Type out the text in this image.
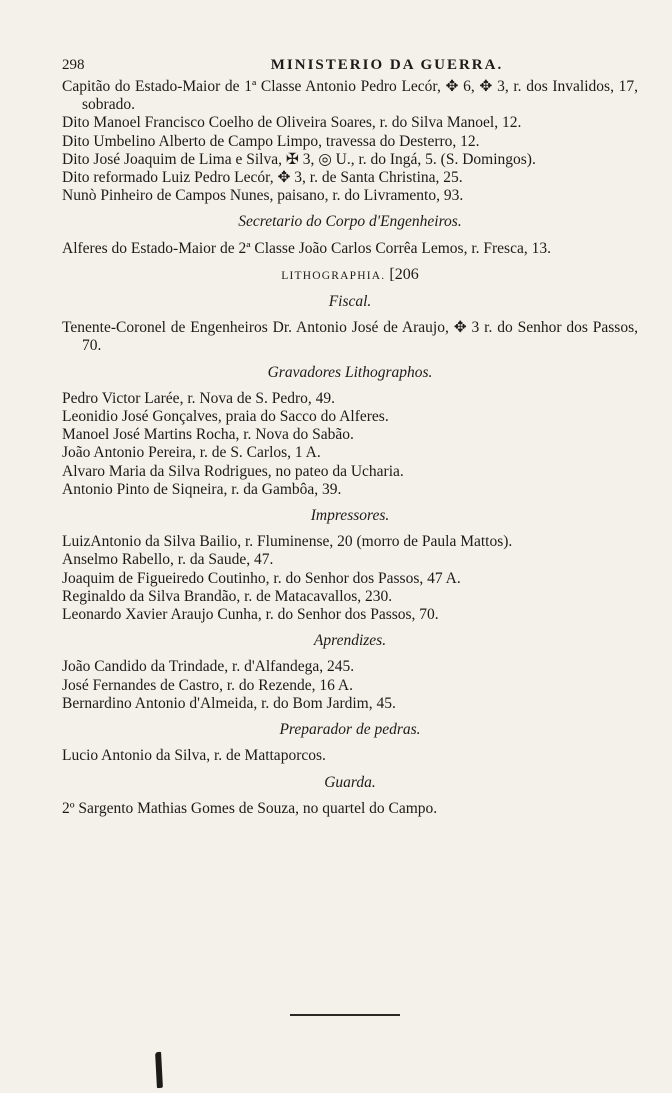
298	MINISTERIO DA GUERRA.

Capitão do Estado-Maior de 1ª Classe Antonio Pedro Lecór, ✥ 6, ✥ 3, r. dos Invalidos, 17, sobrado.

Dito Manoel Francisco Coelho de Oliveira Soares, r. do Silva Manoel, 12.

Dito Umbelino Alberto de Campo Limpo, travessa do Desterro, 12.

Dito José Joaquim de Lima e Silva, ✠ 3, ◎ U., r. do Ingá, 5. (S. Domingos).

Dito reformado Luiz Pedro Lecór, ✥ 3, r. de Santa Christina, 25.

Nunò Pinheiro de Campos Nunes, paisano, r. do Livramento, 93.

Secretario do Corpo d'Engenheiros.

Alferes do Estado-Maior de 2ª Classe João Carlos Corrêa Lemos, r. Fresca, 13.

LITHOGRAPHIA. [206

Fiscal.

Tenente-Coronel de Engenheiros Dr. Antonio José de Araujo, ✥ 3 r. do Senhor dos Passos, 70.

Gravadores Lithographos.

Pedro Victor Larée, r. Nova de S. Pedro, 49.

Leonidio José Gonçalves, praia do Sacco do Alferes.

Manoel José Martins Rocha, r. Nova do Sabão.

João Antonio Pereira, r. de S. Carlos, 1 A.

Alvaro Maria da Silva Rodrigues, no pateo da Ucharia.

Antonio Pinto de Siqneira, r. da Gambôa, 39.

Impressores.

LuizAntonio da Silva Bailio, r. Fluminense, 20 (morro de Paula Mattos).

Anselmo Rabello, r. da Saude, 47.

Joaquim de Figueiredo Coutinho, r. do Senhor dos Passos, 47 A.

Reginaldo da Silva Brandão, r. de Matacavallos, 230.

Leonardo Xavier Araujo Cunha, r. do Senhor dos Passos, 70.

Aprendizes.

João Candido da Trindade, r. d'Alfandega, 245.

José Fernandes de Castro, r. do Rezende, 16 A.

Bernardino Antonio d'Almeida, r. do Bom Jardim, 45.

Preparador de pedras.

Lucio Antonio da Silva, r. de Mattaporcos.

Guarda.

2º Sargento Mathias Gomes de Souza, no quartel do Campo.
